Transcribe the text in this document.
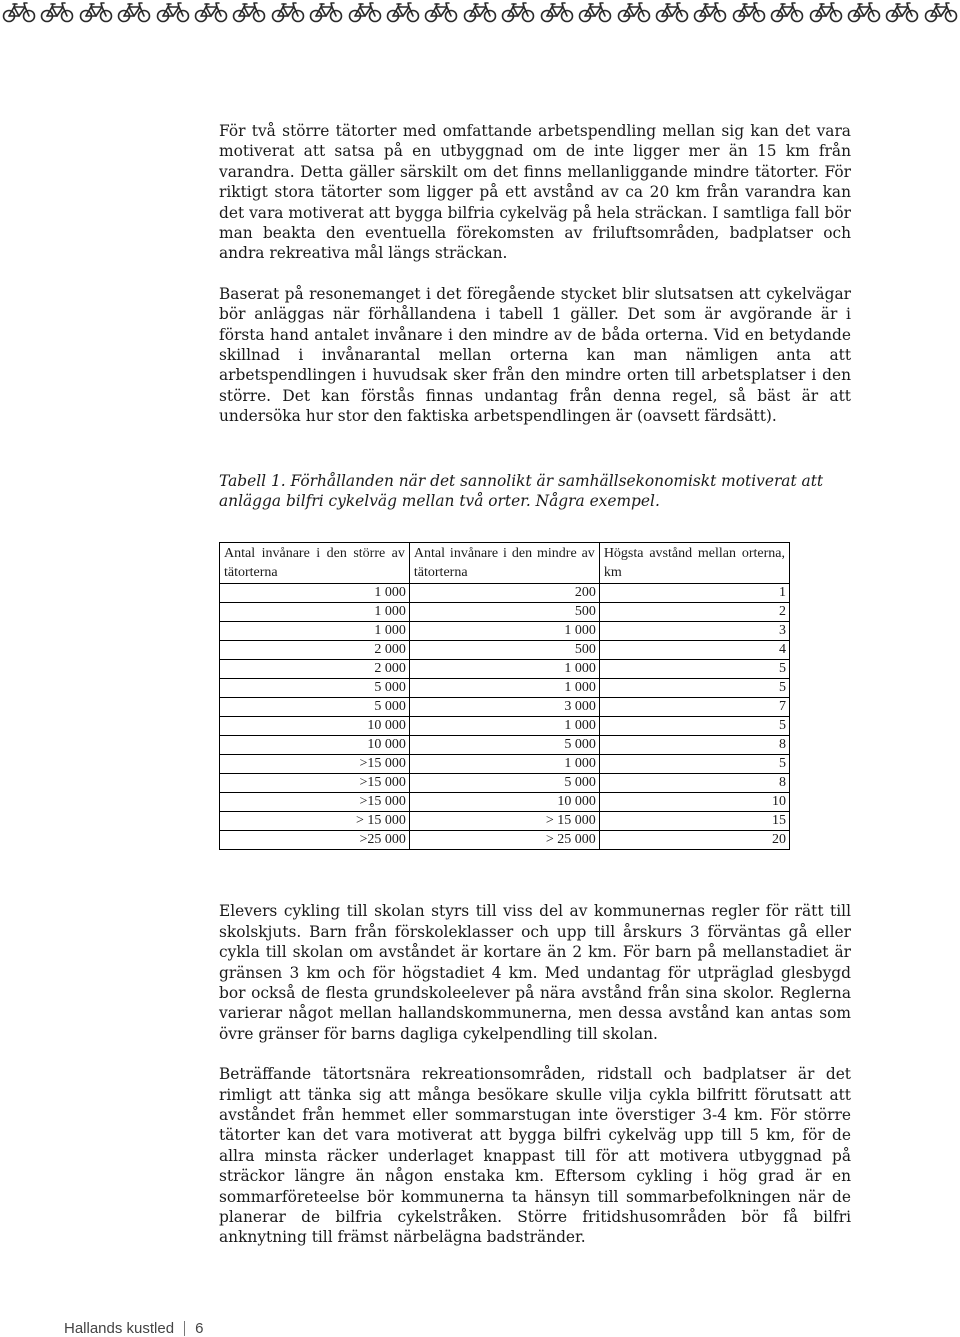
För två större tätorter med omfattande arbetspendling mellan sig kan det vara motiverat att satsa på en utbyggnad om de inte ligger mer än 15 km från varandra. Detta gäller särskilt om det finns mellanliggande mindre tätorter. För riktigt stora tätorter som ligger på ett avstånd av ca 20 km från varandra kan det vara motiverat att bygga bilfria cykelväg på hela sträckan. I samtliga fall bör man beakta den eventuella förekomsten av friluftsområden, badplatser och andra rekreativa mål längs sträckan.

Baserat på resonemanget i det föregående stycket blir slutsatsen att cykelvägar bör anläggas när förhållandena i tabell 1 gäller. Det som är avgörande är i första hand antalet invånare i den mindre av de båda orterna. Vid en betydande skillnad i invånarantal mellan orterna kan man nämligen anta att arbetspendlingen i huvudsak sker från den mindre orten till arbetsplatser i den större. Det kan förstås finnas undantag från denna regel, så bäst är att undersöka hur stor den faktiska arbetspendlingen är (oavsett färdsätt).

Tabell 1. Förhållanden när det sannolikt är samhällsekonomiskt motiverat att anlägga bilfri cykelväg mellan två orter. Några exempel.

Antal invånare i den större av tätorterna	Antal invånare i den mindre av tätorterna	Högsta avstånd mellan orterna, km
1 000	200	1
1 000	500	2
1 000	1 000	3
2 000	500	4
2 000	1 000	5
5 000	1 000	5
5 000	3 000	7
10 000	1 000	5
10 000	5 000	8
>15 000	1 000	5
>15 000	5 000	8
>15 000	10 000	10
> 15 000	> 15 000	15
>25 000	> 25 000	20

Elevers cykling till skolan styrs till viss del av kommunernas regler för rätt till skolskjuts. Barn från förskoleklasser och upp till årskurs 3 förväntas gå eller cykla till skolan om avståndet är kortare än 2 km. För barn på mellanstadiet är gränsen 3 km och för högstadiet 4 km. Med undantag för utpräglad glesbygd bor också de flesta grundskoleelever på nära avstånd från sina skolor. Reglerna varierar något mellan hallandskommunerna, men dessa avstånd kan antas som övre gränser för barns dagliga cykelpendling till skolan.

Beträffande tätortsnära rekreationsområden, ridstall och badplatser är det rimligt att tänka sig att många besökare skulle vilja cykla bilfritt förutsatt att avståndet från hemmet eller sommarstugan inte överstiger 3-4 km. För större tätorter kan det vara motiverat att bygga bilfri cykelväg upp till 5 km, för de allra minsta räcker underlaget knappast till för att motivera utbyggnad på sträckor längre än någon enstaka km. Eftersom cykling i hög grad är en sommarföreteelse bör kommunerna ta hänsyn till sommarbefolkningen när de planerar de bilfria cykelstråken. Större fritidshusområden bör få bilfri anknytning till främst närbelägna badstränder.

Hallands kustled 6
